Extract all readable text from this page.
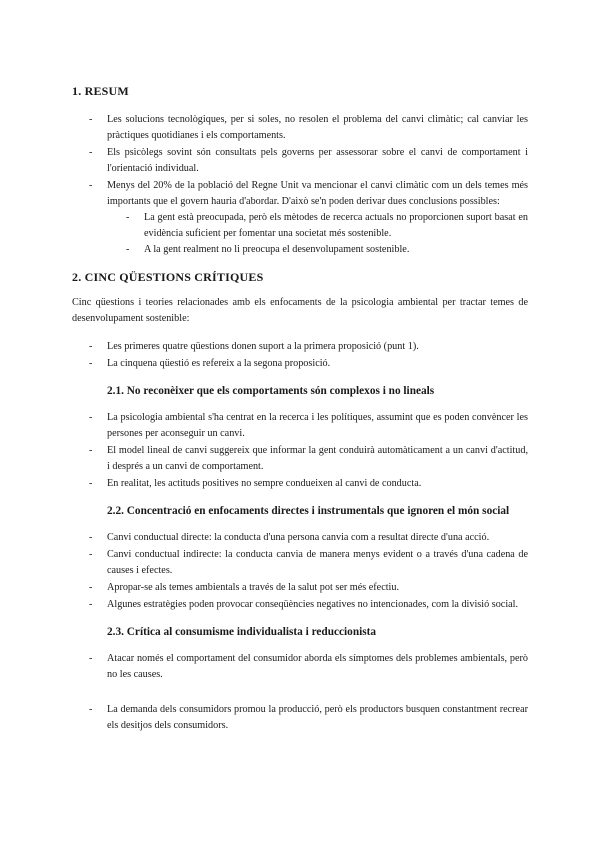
1. RESUM
- Les solucions tecnològiques, per si soles, no resolen el problema del canvi climàtic; cal canviar les pràctiques quotidianes i els comportaments.
- Els psicòlegs sovint són consultats pels governs per assessorar sobre el canvi de comportament i l'orientació individual.
- Menys del 20% de la població del Regne Unit va mencionar el canvi climàtic com un dels temes més importants que el govern hauria d'abordar. D'això se'n poden derivar dues conclusions possibles:
- La gent està preocupada, però els mètodes de recerca actuals no proporcionen suport basat en evidència suficient per fomentar una societat més sostenible.
- A la gent realment no li preocupa el desenvolupament sostenible.
2. CINC QÜESTIONS CRÍTIQUES

Cinc qüestions i teories relacionades amb els enfocaments de la psicologia ambiental per tractar temes de desenvolupament sostenible:

- Les primeres quatre qüestions donen suport a la primera proposició (punt 1).
- La cinquena qüestió es refereix a la segona proposició.
2.1. No reconèixer que els comportaments són complexos i no lineals
- La psicologia ambiental s'ha centrat en la recerca i les polítiques, assumint que es poden convèncer les persones per aconseguir un canvi.
- El model lineal de canvi suggereix que informar la gent conduirà automàticament a un canvi d'actitud, i després a un canvi de comportament.
- En realitat, les actituds positives no sempre condueixen al canvi de conducta.
2.2. Concentració en enfocaments directes i instrumentals que ignoren el món social
- Canvi conductual directe: la conducta d'una persona canvia com a resultat directe d'una acció.
- Canvi conductual indirecte: la conducta canvia de manera menys evident o a través d'una cadena de causes i efectes.
- Apropar-se als temes ambientals a través de la salut pot ser més efectiu.
- Algunes estratègies poden provocar conseqüències negatives no intencionades, com la divisió social.
2.3. Crítica al consumisme individualista i reduccionista
- Atacar només el comportament del consumidor aborda els símptomes dels problemes ambientals, però no les causes.
- La demanda dels consumidors promou la producció, però els productors busquen constantment recrear els desitjos dels consumidors.
